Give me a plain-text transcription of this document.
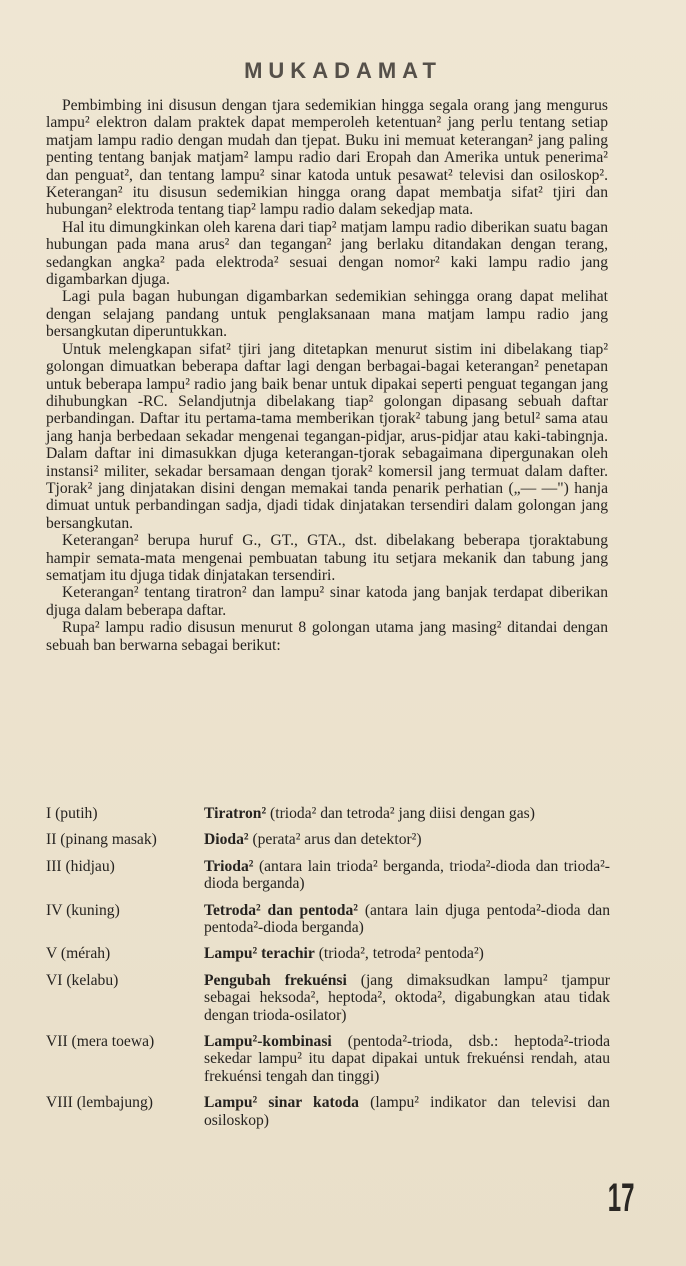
MUKADAMAT

Pembimbing ini disusun dengan tjara sedemikian hingga segala orang jang mengurus lampu² elektron dalam praktek dapat memperoleh ketentuan² jang perlu tentang setiap matjam lampu radio dengan mudah dan tjepat. Buku ini memuat keterangan² jang paling penting tentang banjak matjam² lampu radio dari Eropah dan Amerika untuk penerima² dan penguat², dan tentang lampu² sinar katoda untuk pesawat² televisi dan osiloskop². Keterangan² itu disusun sedemikian hingga orang dapat membatja sifat² tjiri dan hubungan² elektroda tentang tiap² lampu radio dalam sekedjap mata.

Hal itu dimungkinkan oleh karena dari tiap² matjam lampu radio diberikan suatu bagan hubungan pada mana arus² dan tegangan² jang berlaku ditandakan dengan terang, sedangkan angka² pada elektroda² sesuai dengan nomor² kaki lampu radio jang digambarkan djuga.

Lagi pula bagan hubungan digambarkan sedemikian sehingga orang dapat melihat dengan selajang pandang untuk penglaksanaan mana matjam lampu radio jang bersangkutan diperuntukkan.

Untuk melengkapan sifat² tjiri jang ditetapkan menurut sistim ini dibelakang tiap² golongan dimuatkan beberapa daftar lagi dengan berbagai-bagai keterangan² penetapan untuk beberapa lampu² radio jang baik benar untuk dipakai seperti penguat tegangan jang dihubungkan -RC. Selandjutnja dibelakang tiap² golongan dipasang sebuah daftar perbandingan. Daftar itu pertama-tama memberikan tjorak² tabung jang betul² sama atau jang hanja berbedaan sekadar mengenai tegangan-pidjar, arus-pidjar atau kaki-tabingnja. Dalam daftar ini dimasukkan djuga keterangan-tjorak sebagaimana dipergunakan oleh instansi² militer, sekadar bersamaan dengan tjorak² komersil jang termuat dalam dafter. Tjorak² jang dinjatakan disini dengan memakai tanda penarik perhatian („— —") hanja dimuat untuk perbandingan sadja, djadi tidak dinjatakan tersendiri dalam golongan jang bersangkutan.

Keterangan² berupa huruf G., GT., GTA., dst. dibelakang beberapa tjoraktabung hampir semata-mata mengenai pembuatan tabung itu setjara mekanik dan tabung jang sematjam itu djuga tidak dinjatakan tersendiri.

Keterangan² tentang tiratron² dan lampu² sinar katoda jang banjak terdapat diberikan djuga dalam beberapa daftar.

Rupa² lampu radio disusun menurut 8 golongan utama jang masing² ditandai dengan sebuah ban berwarna sebagai berikut:

I (putih)	Tiratron² (trioda² dan tetroda² jang diisi dengan gas)
II (pinang masak)	Dioda² (perata² arus dan detektor²)
III (hidjau)	Trioda² (antara lain trioda² berganda, trioda²-dioda dan trioda²-dioda berganda)
IV (kuning)	Tetroda² dan pentoda² (antara lain djuga pentoda²-dioda dan pentoda²-dioda berganda)
V (mérah)	Lampu² terachir (trioda², tetroda² pentoda²)
VI (kelabu)	Pengubah frekuénsi (jang dimaksudkan lampu² tjampur sebagai heksoda², heptoda², oktoda², digabungkan atau tidak dengan trioda-osilator)
VII (mera toewa)	Lampu²-kombinasi (pentoda²-trioda, dsb.: heptoda²-trioda sekedar lampu² itu dapat dipakai untuk frekuénsi rendah, atau frekuénsi tengah dan tinggi)
VIII (lembajung)	Lampu² sinar katoda (lampu² indikator dan televisi dan osiloskop)
17
